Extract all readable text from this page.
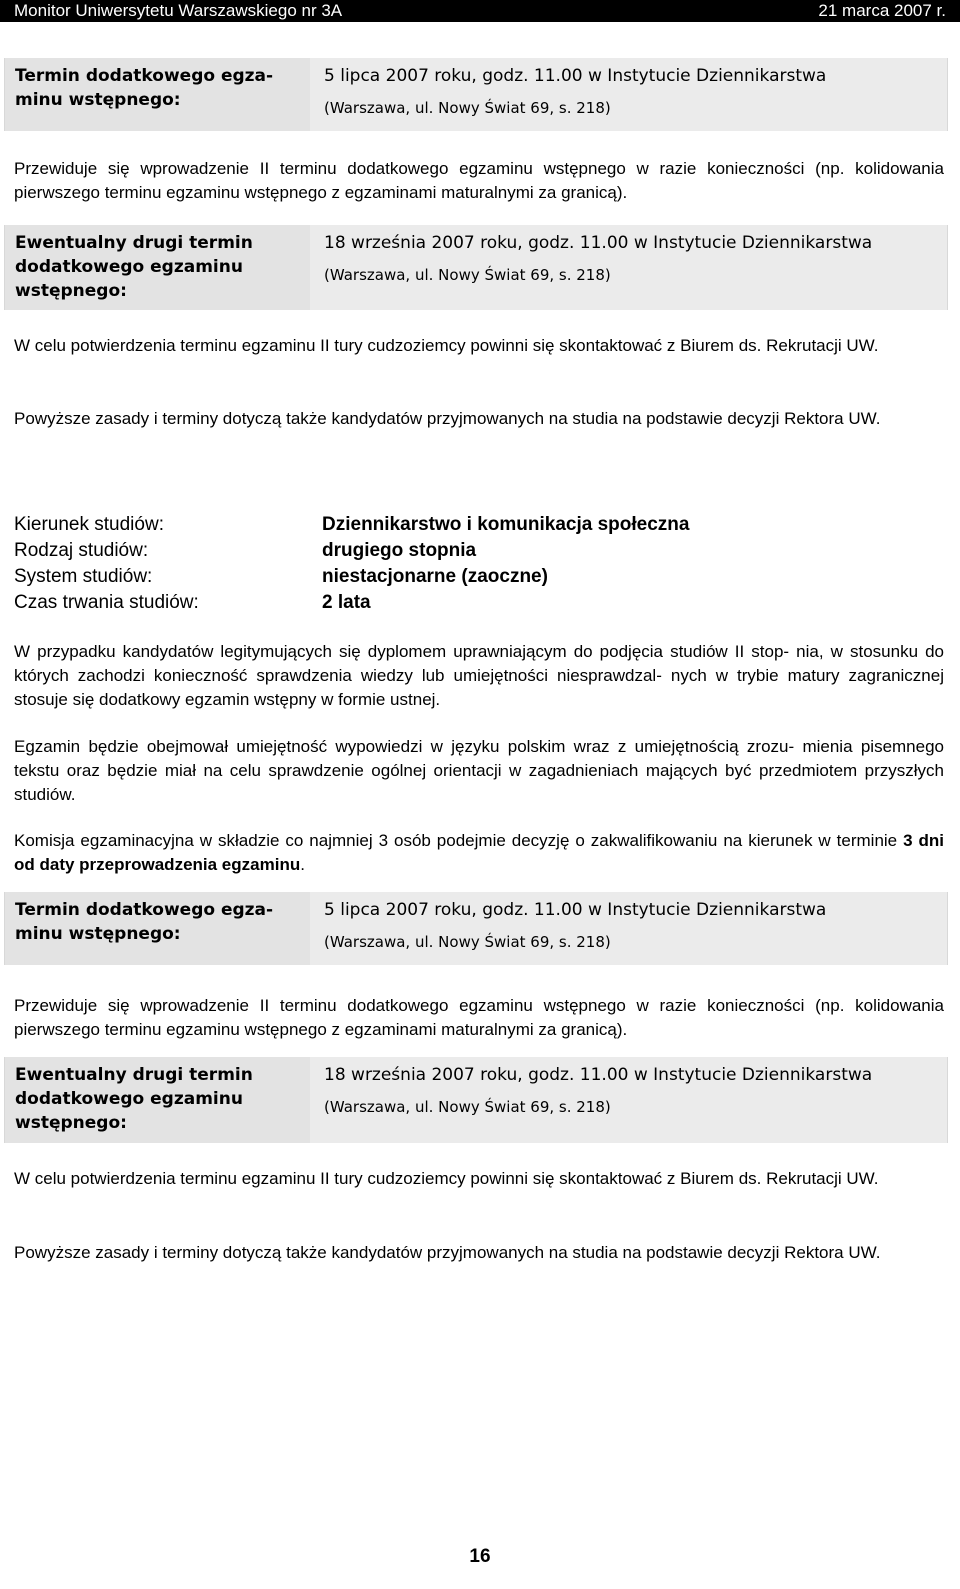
Monitor Uniwersytetu Warszawskiego nr 3A	21 marca 2007 r.
Termin dodatkowego egza- minu wstępnego:
5 lipca 2007 roku, godz. 11.00 w Instytucie Dziennikarstwa
(Warszawa, ul. Nowy Świat 69, s. 218)
Przewiduje się wprowadzenie II terminu dodatkowego egzaminu wstępnego w razie konieczności (np. kolidowania pierwszego terminu egzaminu wstępnego z egzaminami maturalnymi za granicą).
Ewentualny drugi termin dodatkowego egzaminu wstępnego:
18 września 2007 roku, godz. 11.00 w Instytucie Dziennikarstwa
(Warszawa, ul. Nowy Świat 69, s. 218)
W celu potwierdzenia terminu egzaminu II tury cudzoziemcy powinni się skontaktować z Biurem ds. Rekrutacji UW.
Powyższe zasady i terminy dotyczą także kandydatów przyjmowanych na studia na podstawie decyzji Rektora UW.
Kierunek studiów:	Dziennikarstwo i komunikacja społeczna
Rodzaj studiów:	drugiego stopnia
System studiów:	niestacjonarne (zaoczne)
Czas trwania studiów:	2 lata
W przypadku kandydatów legitymujących się dyplomem uprawniającym do podjęcia studiów II stop- nia, w stosunku do których zachodzi konieczność sprawdzenia wiedzy lub umiejętności niesprawdzal- nych w trybie matury zagranicznej stosuje się dodatkowy egzamin wstępny w formie ustnej.
Egzamin będzie obejmował umiejętność wypowiedzi w języku polskim wraz z umiejętnością zrozu- mienia pisemnego tekstu oraz będzie miał na celu sprawdzenie ogólnej orientacji w zagadnieniach mających być przedmiotem przyszłych studiów.
Komisja egzaminacyjna w składzie co najmniej 3 osób podejmie decyzję o zakwalifikowaniu na kierunek w terminie 3 dni od daty przeprowadzenia egzaminu.
Termin dodatkowego egza- minu wstępnego:
5 lipca 2007 roku, godz. 11.00 w Instytucie Dziennikarstwa
(Warszawa, ul. Nowy Świat 69, s. 218)
Przewiduje się wprowadzenie II terminu dodatkowego egzaminu wstępnego w razie konieczności (np. kolidowania pierwszego terminu egzaminu wstępnego z egzaminami maturalnymi za granicą).
Ewentualny drugi termin dodatkowego egzaminu wstępnego:
18 września 2007 roku, godz. 11.00 w Instytucie Dziennikarstwa
(Warszawa, ul. Nowy Świat 69, s. 218)
W celu potwierdzenia terminu egzaminu II tury cudzoziemcy powinni się skontaktować z Biurem ds. Rekrutacji UW.
Powyższe zasady i terminy dotyczą także kandydatów przyjmowanych na studia na podstawie decyzji Rektora UW.
16
